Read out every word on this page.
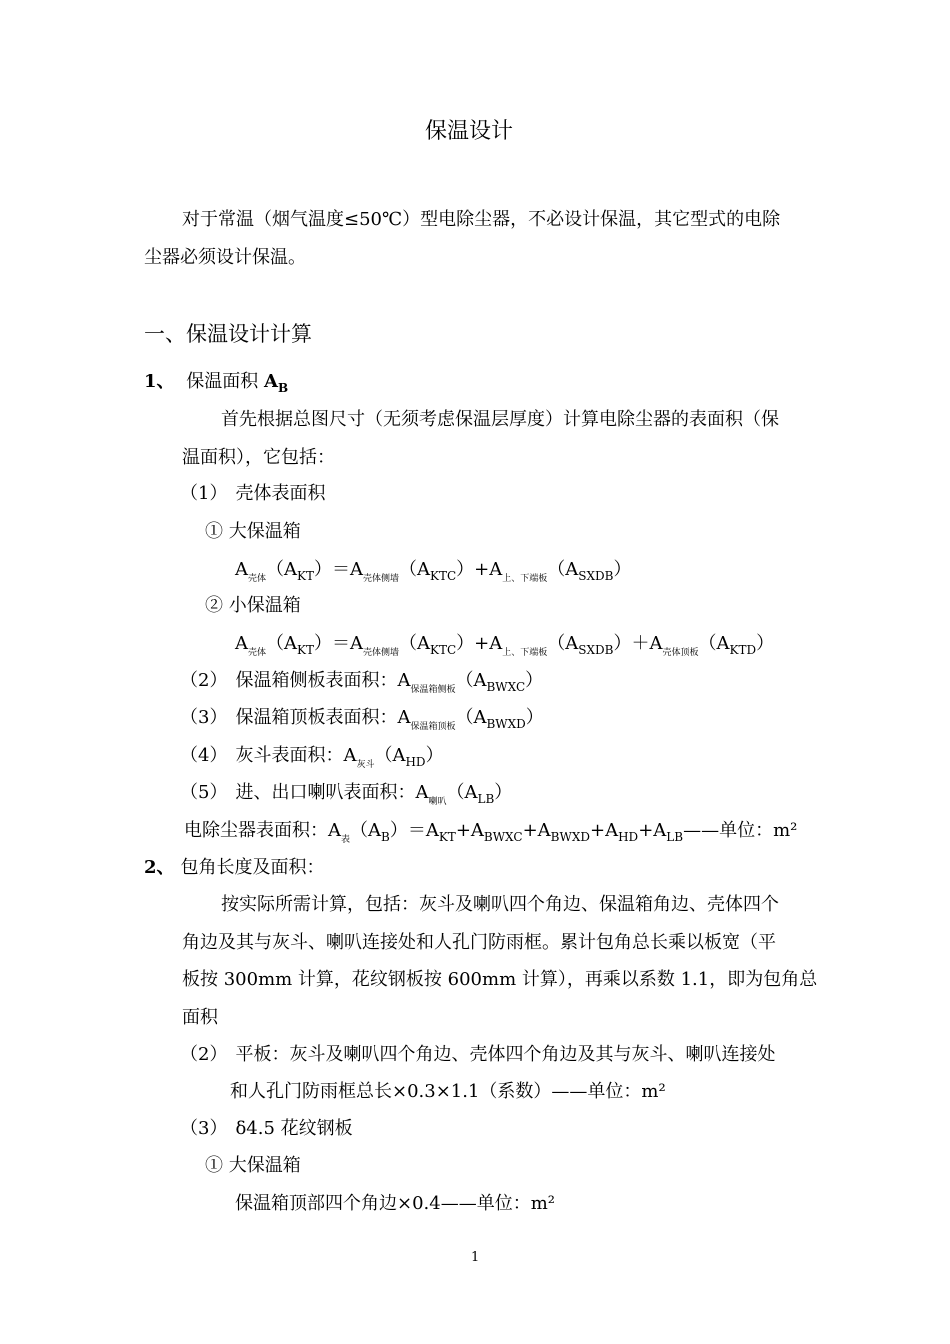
保温设计
对于常温（烟气温度≤50℃）型电除尘器，不必设计保温，其它型式的电除
尘器必须设计保温。
一、保温设计计算
1、 保温面积 $A_B$
首先根据总图尺寸（无须考虑保温层厚度）计算电除尘器的表面积（保
温面积），它包括：
（1） 壳体表面积
① 大保温箱
$A_{壳体}(A_{KT})=A_{壳体侧墙}(A_{KTC})+A_{上、下端板}(A_{SXDB})$
② 小保温箱
$A_{壳体}(A_{KT})=A_{壳体侧墙}(A_{KTC})+A_{上、下端板}(A_{SXDB})+A_{壳体顶板}(A_{KTD})$
（2） 保温箱侧板表面积：$A_{保温箱侧板}(A_{BWXC})$
（3） 保温箱顶板表面积：$A_{保温箱顶板}(A_{BWXD})$
（4） 灰斗表面积：$A_{灰斗}(A_{HD})$
（5） 进、出口喇叭表面积：$A_{喇叭}(A_{LB})$
电除尘器表面积：$A_表(A_B)=A_{KT}+A_{BWXC}+A_{BWXD}+A_{HD}+A_{LB}——$单位：m²
2、 包角长度及面积：
按实际所需计算，包括：灰斗及喇叭四个角边、保温箱角边、壳体四个
角边及其与灰斗、喇叭连接处和人孔门防雨框。累计包角总长乘以板宽（平
板按 300mm 计算，花纹钢板按 600mm 计算），再乘以系数 1.1，即为包角总
面积
（2） 平板：灰斗及喇叭四个角边、壳体四个角边及其与灰斗、喇叭连接处
和人孔门防雨框总长×0.3×1.1（系数）——单位：m²
（3） δ4.5 花纹钢板
① 大保温箱
保温箱顶部四个角边×0.4——单位：m²
1
